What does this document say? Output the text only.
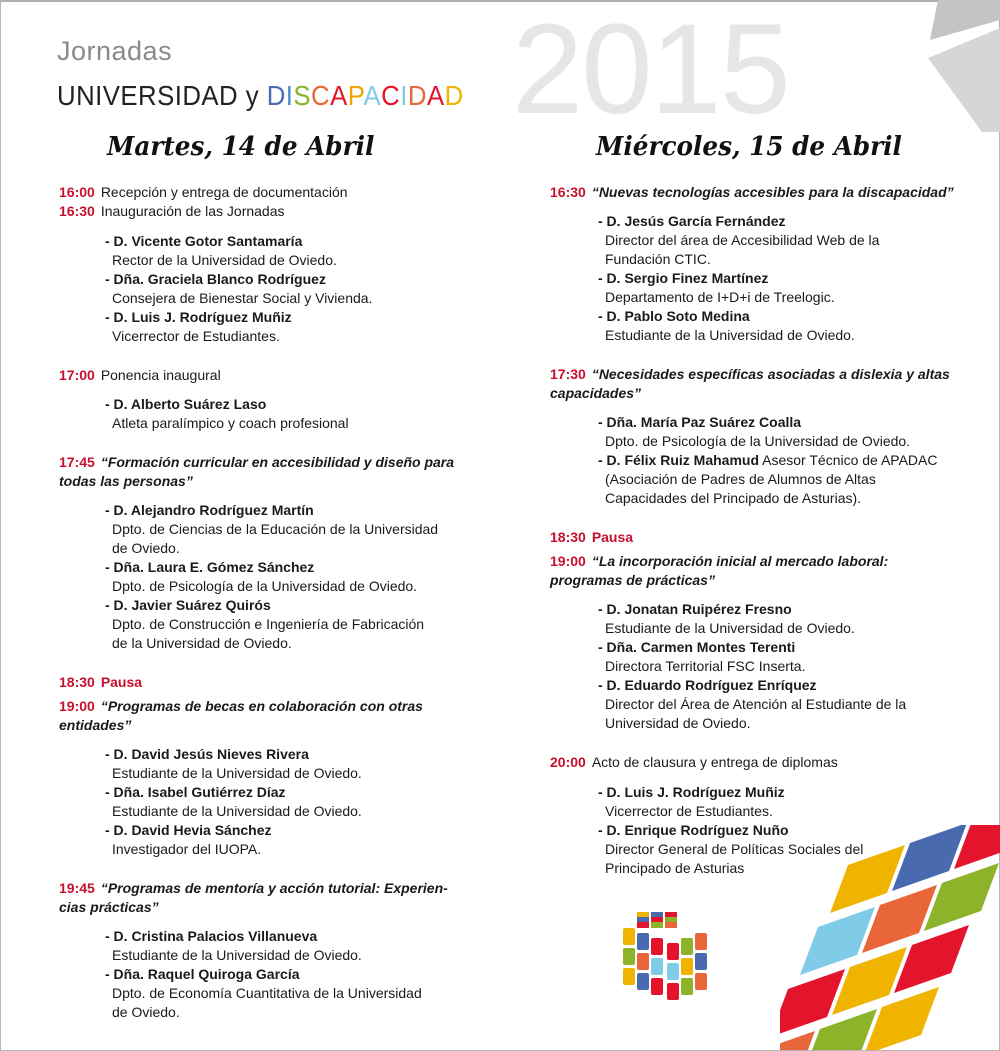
2015
Jornadas
UNIVERSIDAD y DISCAPACIDAD
Martes, 14 de Abril	Miércoles, 15 de Abril
16:00 Recepción y entrega de documentación
16:30 Inauguración de las Jornadas
- D. Vicente Gotor Santamaría
Rector de la Universidad de Oviedo.
- Dña. Graciela Blanco Rodríguez
Consejera de Bienestar Social y Vivienda.
- D. Luis J. Rodríguez Muñiz
Vicerrector de Estudiantes.
17:00 Ponencia inaugural
- D. Alberto Suárez Laso
Atleta paralímpico y coach profesional
17:45 “Formación curricular en accesibilidad y diseño para
todas las personas”
- D. Alejandro Rodríguez Martín
Dpto. de Ciencias de la Educación de la Universidad
de Oviedo.
- Dña. Laura E. Gómez Sánchez
Dpto. de Psicología de la Universidad de Oviedo.
- D. Javier Suárez Quirós
Dpto. de Construcción e Ingeniería de Fabricación
de la Universidad de Oviedo.
18:30 Pausa
19:00 “Programas de becas en colaboración con otras
entidades”
- D. David Jesús Nieves Rivera
Estudiante de la Universidad de Oviedo.
- Dña. Isabel Gutiérrez Díaz
Estudiante de la Universidad de Oviedo.
- D. David Hevia Sánchez
Investigador del IUOPA.
19:45 “Programas de mentoría y acción tutorial: Experien-
cias prácticas”
- D. Cristina Palacios Villanueva
Estudiante de la Universidad de Oviedo.
- Dña. Raquel Quiroga García
Dpto. de Economía Cuantitativa de la Universidad
de Oviedo.
16:30 “Nuevas tecnologías accesibles para la discapacidad”
- D. Jesús García Fernández
Director del área de Accesibilidad Web de la
Fundación CTIC.
- D. Sergio Finez Martínez
Departamento de I+D+i de Treelogic.
- D. Pablo Soto Medina
Estudiante de la Universidad de Oviedo.
17:30 “Necesidades específicas asociadas a dislexia y altas
capacidades”
- Dña. María Paz Suárez Coalla
Dpto. de Psicología de la Universidad de Oviedo.
- D. Félix Ruiz Mahamud Asesor Técnico de APADAC
(Asociación de Padres de Alumnos de Altas
Capacidades del Principado de Asturias).
18:30 Pausa
19:00 “La incorporación inicial al mercado laboral:
programas de prácticas”
- D. Jonatan Ruipérez Fresno
Estudiante de la Universidad de Oviedo.
- Dña. Carmen Montes Terenti
Directora Territorial FSC Inserta.
- D. Eduardo Rodríguez Enríquez
Director del Área de Atención al Estudiante de la
Universidad de Oviedo.
20:00 Acto de clausura y entrega de diplomas
- D. Luis J. Rodríguez Muñiz
Vicerrector de Estudiantes.
- D. Enrique Rodríguez Nuño
Director General de Políticas Sociales del
Principado de Asturias
